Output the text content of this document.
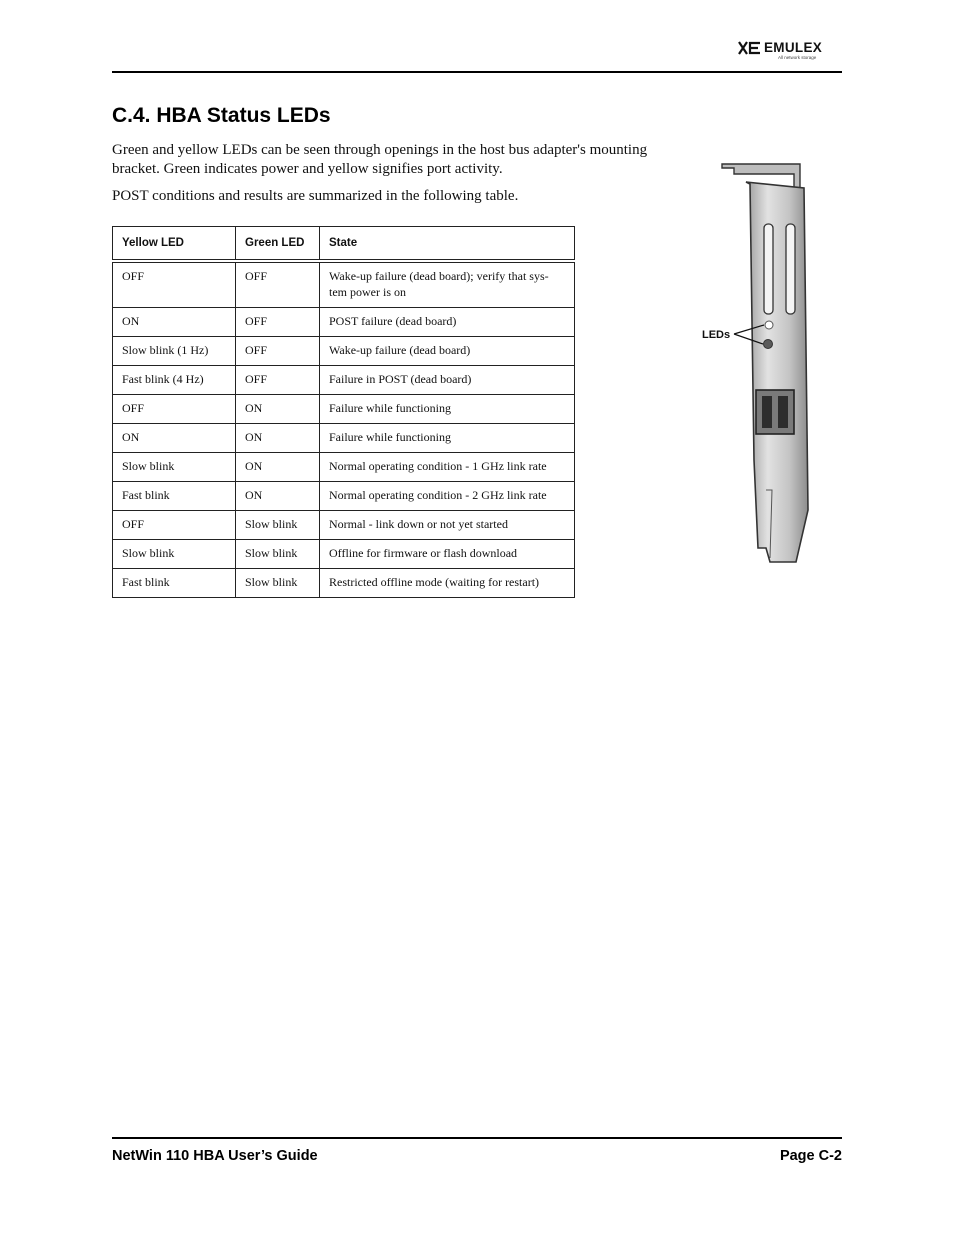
EMULEX
All network storage
C.4. HBA Status LEDs

Green and yellow LEDs can be seen through openings in the host bus adapter's mounting bracket. Green indicates power and yellow signifies port activity.

POST conditions and results are summarized in the following table.

Yellow LED	Green LED	State
OFF	OFF	Wake-up failure (dead board); verify that sys-tem power is on
ON	OFF	POST failure (dead board)
Slow blink (1 Hz)	OFF	Wake-up failure (dead board)
Fast blink (4 Hz)	OFF	Failure in POST (dead board)
OFF	ON	Failure while functioning
ON	ON	Failure while functioning
Slow blink	ON	Normal operating condition - 1 GHz link rate
Fast blink	ON	Normal operating condition - 2 GHz link rate
OFF	Slow blink	Normal - link down or not yet started
Slow blink	Slow blink	Offline for firmware or flash download
Fast blink	Slow blink	Restricted offline mode (waiting for restart)
LEDs
NetWin 110 HBA User’s Guide	Page C-2
